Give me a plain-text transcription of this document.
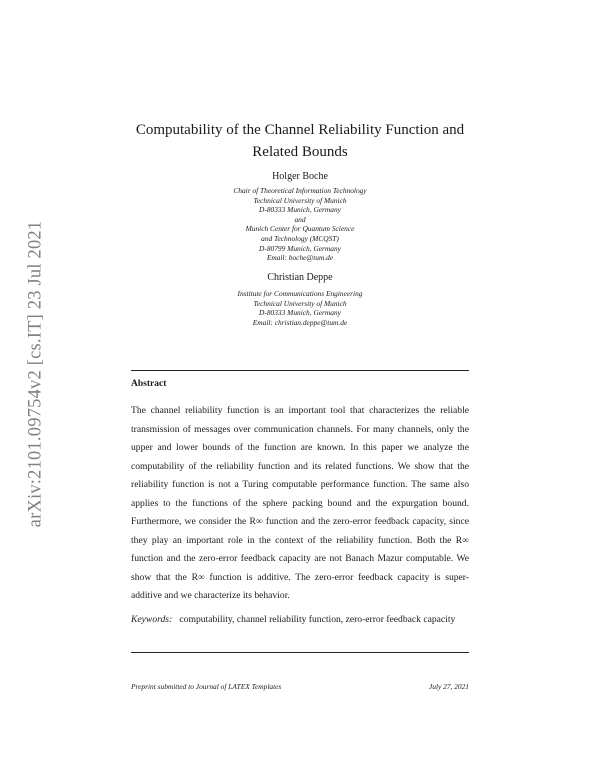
arXiv:2101.09754v2 [cs.IT] 23 Jul 2021
Computability of the Channel Reliability Function and
Related Bounds
Holger Boche
Chair of Theoretical Information Technology
Technical University of Munich
D-80333 Munich, Germany
and
Munich Center for Quantum Science
and Technology (MCQST)
D-80799 Munich, Germany
Email: boche@tum.de
Christian Deppe
Institute for Communications Engineering
Technical University of Munich
D-80333 Munich, Germany
Email: christian.deppe@tum.de
Abstract
The channel reliability function is an important tool that characterizes the reliable transmission of messages over communication channels. For many channels, only the upper and lower bounds of the function are known. In this paper we analyze the computability of the reliability function and its related functions. We show that the reliability function is not a Turing computable performance function. The same also applies to the functions of the sphere packing bound and the expurgation bound. Furthermore, we consider the R∞ function and the zero-error feedback capacity, since they play an important role in the context of the reliability function. Both the R∞ function and the zero-error feedback capacity are not Banach Mazur computable. We show that the R∞ function is additive. The zero-error feedback capacity is super-additive and we characterize its behavior.
Keywords: computability, channel reliability function, zero-error feedback capacity
Preprint submitted to Journal of LATEX Templates	July 27, 2021
